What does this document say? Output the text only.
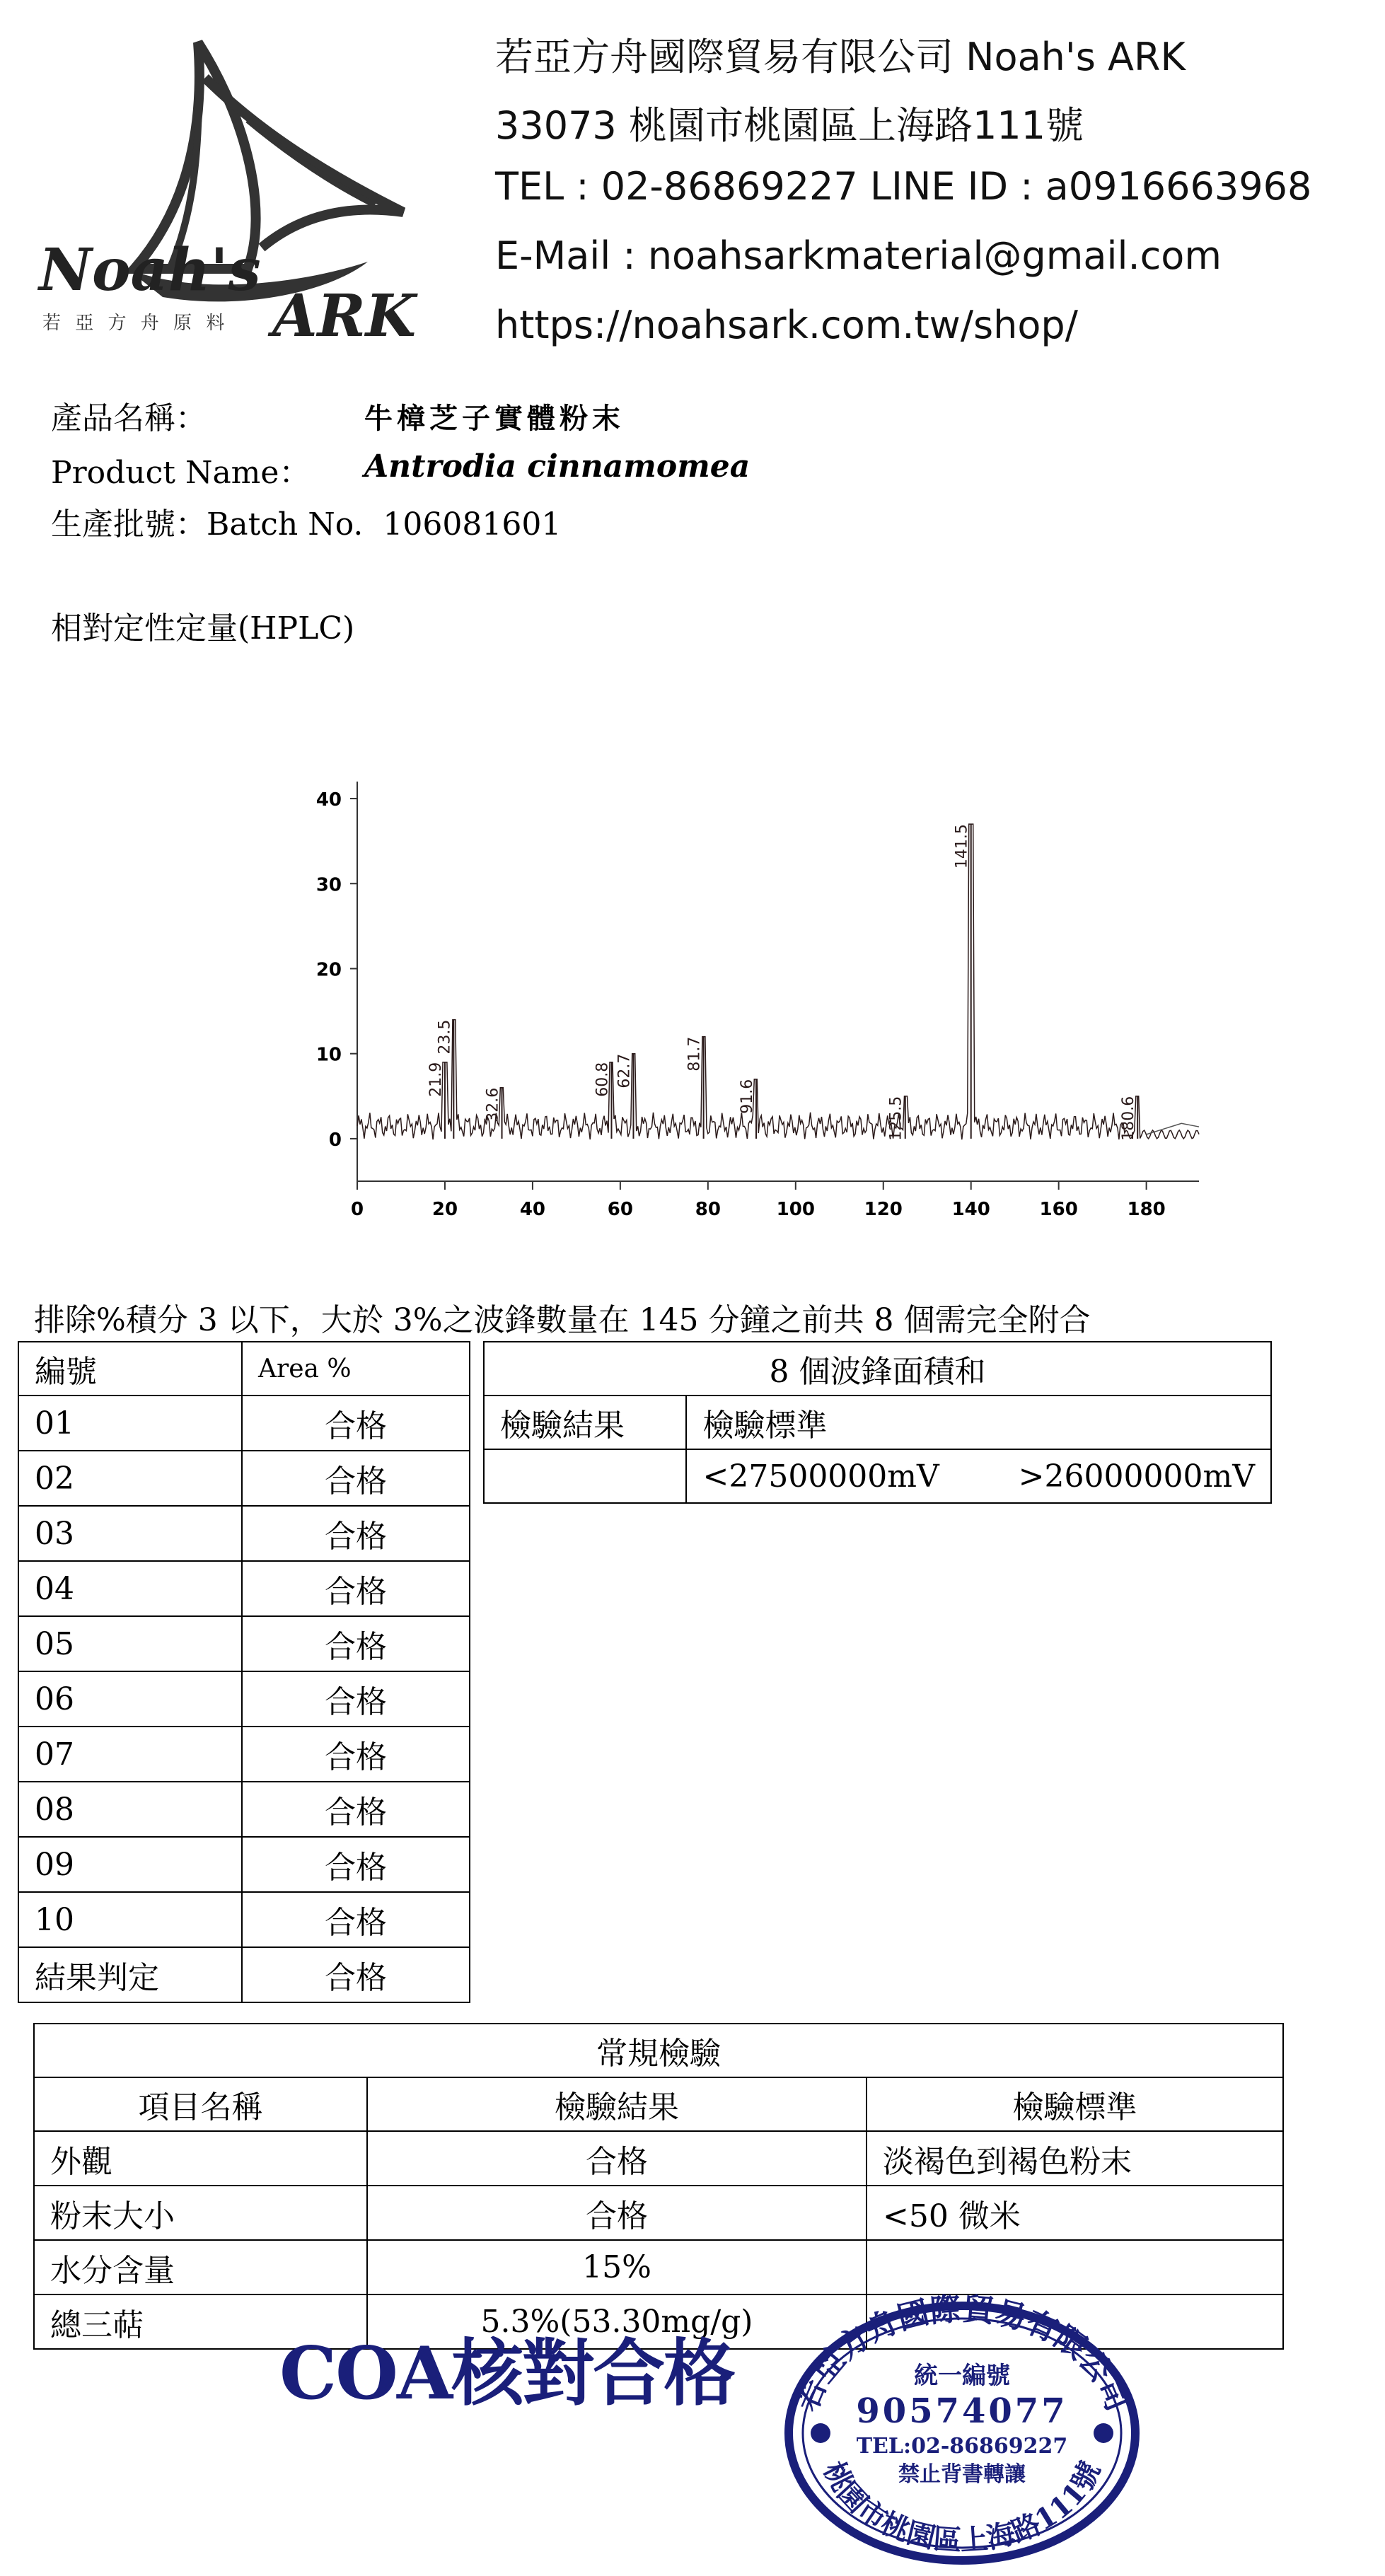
Noah's
ARK
若 亞 方 舟 原 料
若亞方舟國際貿易有限公司 Noah's ARK
33073 桃園市桃園區上海路111號
TEL : 02-86869227 LINE ID : a0916663968
E-Mail : noahsarkmaterial@gmail.com
https://noahsark.com.tw/shop/
產品名稱：	牛樟芝子實體粉末
Product Name： Antrodia cinnamomea
生產批號：Batch No. 106081601
相對定性定量(HPLC)
40
30
20
10
0
0	20	40	60	80	100	120	140	160	180
23.5
21.9
32.6
60.8 62.7	81.7
91.6	125.5
141.5
180.6
排除%積分 3 以下，大於 3%之波鋒數量在 145 分鐘之前共 8 個需完全附合
編號	Area %
01	合格
02	合格
03	合格
04	合格
05	合格
06	合格
07	合格
08	合格
09	合格
10	合格
結果判定	合格
8 個波鋒面積和	
檢驗結果	檢驗標準
	<27500000mV        >26000000mV
常規檢驗		
項目名稱	檢驗結果	檢驗標準
外觀	合格	淡褐色到褐色粉末
粉末大小	合格	<50 微米
水分含量	15%	
總三萜	5.3%(53.30mg/g)	
COA核對合格 若亞方舟國際貿易有限公司
桃園市桃園區上海路111號
統一編號
90574077
TEL:02-86869227
禁止背書轉讓
